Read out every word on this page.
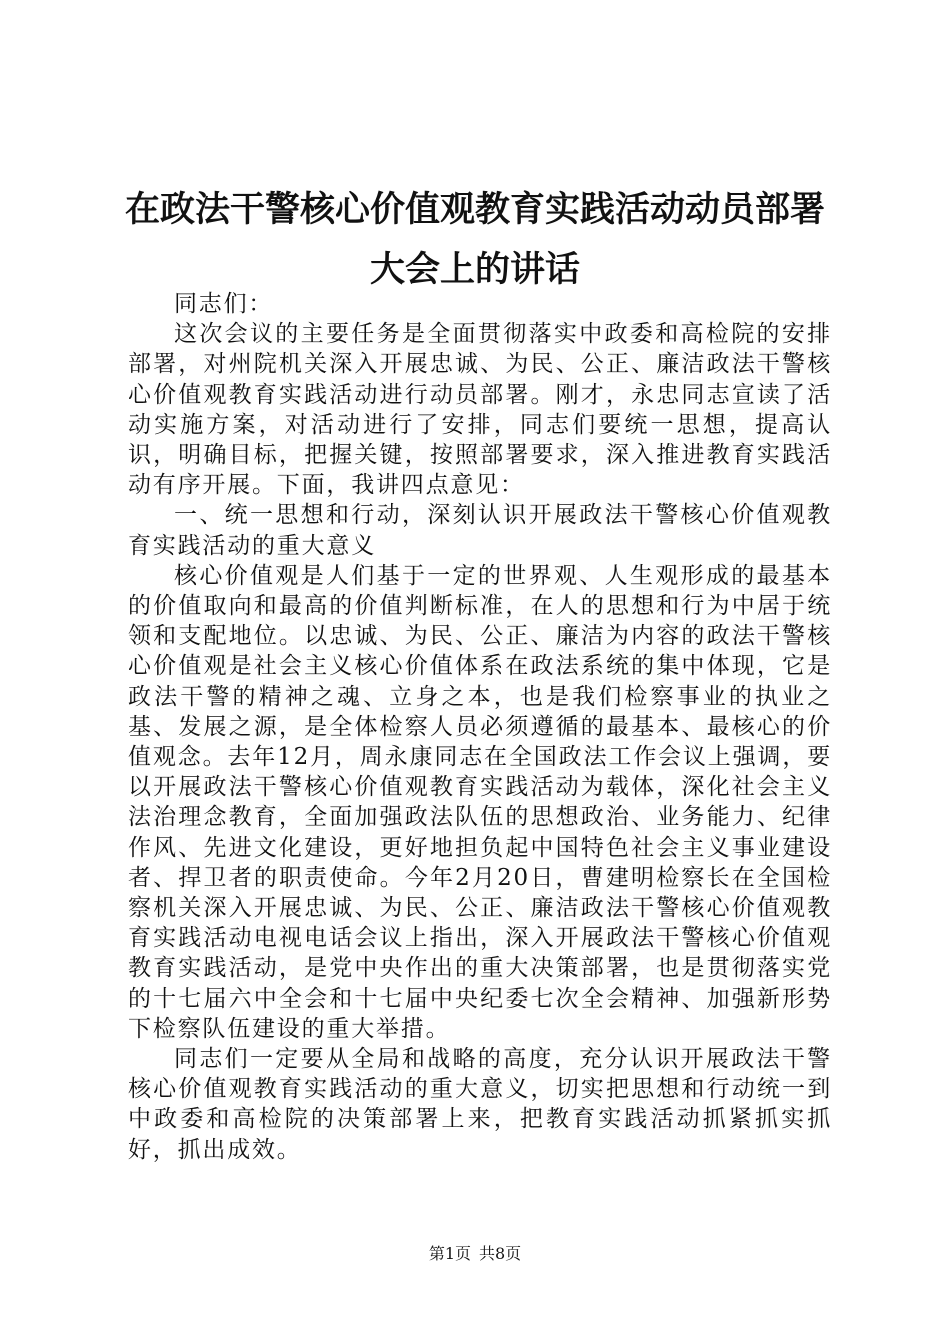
在政法干警核心价值观教育实践活动动员部署
大会上的讲话

同志们：

这次会议的主要任务是全面贯彻落实中政委和高检院的安排部署，对州院机关深入开展忠诚、为民、公正、廉洁政法干警核心价值观教育实践活动进行动员部署。刚才，永忠同志宣读了活动实施方案，对活动进行了安排，同志们要统一思想，提高认识，明确目标，把握关键，按照部署要求，深入推进教育实践活动有序开展。下面，我讲四点意见：

一、统一思想和行动，深刻认识开展政法干警核心价值观教育实践活动的重大意义

核心价值观是人们基于一定的世界观、人生观形成的最基本的价值取向和最高的价值判断标准，在人的思想和行为中居于统领和支配地位。以忠诚、为民、公正、廉洁为内容的政法干警核心价值观是社会主义核心价值体系在政法系统的集中体现，它是政法干警的精神之魂、立身之本，也是我们检察事业的执业之基、发展之源，是全体检察人员必须遵循的最基本、最核心的价值观念。去年12月，周永康同志在全国政法工作会议上强调，要以开展政法干警核心价值观教育实践活动为载体，深化社会主义法治理念教育，全面加强政法队伍的思想政治、业务能力、纪律作风、先进文化建设，更好地担负起中国特色社会主义事业建设者、捍卫者的职责使命。今年2月20日，曹建明检察长在全国检察机关深入开展忠诚、为民、公正、廉洁政法干警核心价值观教育实践活动电视电话会议上指出，深入开展政法干警核心价值观教育实践活动，是党中央作出的重大决策部署，也是贯彻落实党的十七届六中全会和十七届中央纪委七次全会精神、加强新形势下检察队伍建设的重大举措。

同志们一定要从全局和战略的高度，充分认识开展政法干警核心价值观教育实践活动的重大意义，切实把思想和行动统一到中政委和高检院的决策部署上来，把教育实践活动抓紧抓实抓好，抓出成效。

第1页 共8页
